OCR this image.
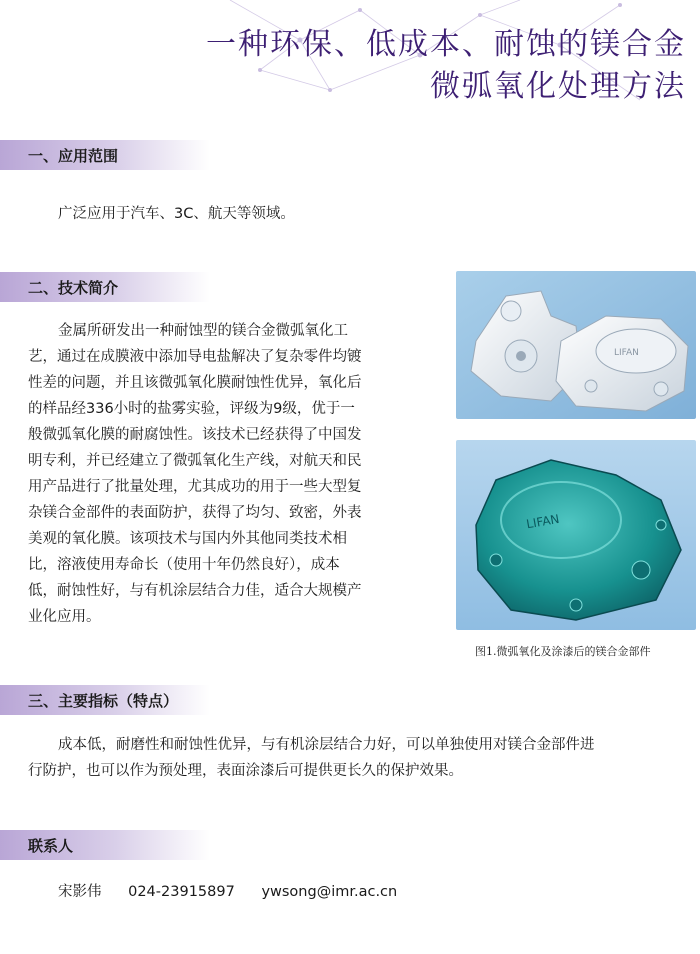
一种环保、低成本、耐蚀的镁合金
微弧氧化处理方法
一、应用范围
广泛应用于汽车、3C、航天等领域。
二、技术简介

金属所研发出一种耐蚀型的镁合金微弧氧化工

艺，通过在成膜液中添加导电盐解决了复杂零件均镀

性差的问题，并且该微弧氧化膜耐蚀性优异，氧化后

的样品经336小时的盐雾实验，评级为9级，优于一

般微弧氧化膜的耐腐蚀性。该技术已经获得了中国发

明专利，并已经建立了微弧氧化生产线，对航天和民

用产品进行了批量处理，尤其成功的用于一些大型复

杂镁合金部件的表面防护，获得了均匀、致密，外表

美观的氧化膜。该项技术与国内外其他同类技术相

比，溶液使用寿命长（使用十年仍然良好），成本

低，耐蚀性好，与有机涂层结合力佳，适合大规模产

业化应用。

LIFAN
LIFAN
图1.微弧氧化及涂漆后的镁合金部件
三、主要指标（特点）

成本低，耐磨性和耐蚀性优异，与有机涂层结合力好，可以单独使用对镁合金部件进

行防护，也可以作为预处理，表面涂漆后可提供更长久的保护效果。

联系人
宋影伟 024-23915897 ywsong@imr.ac.cn
